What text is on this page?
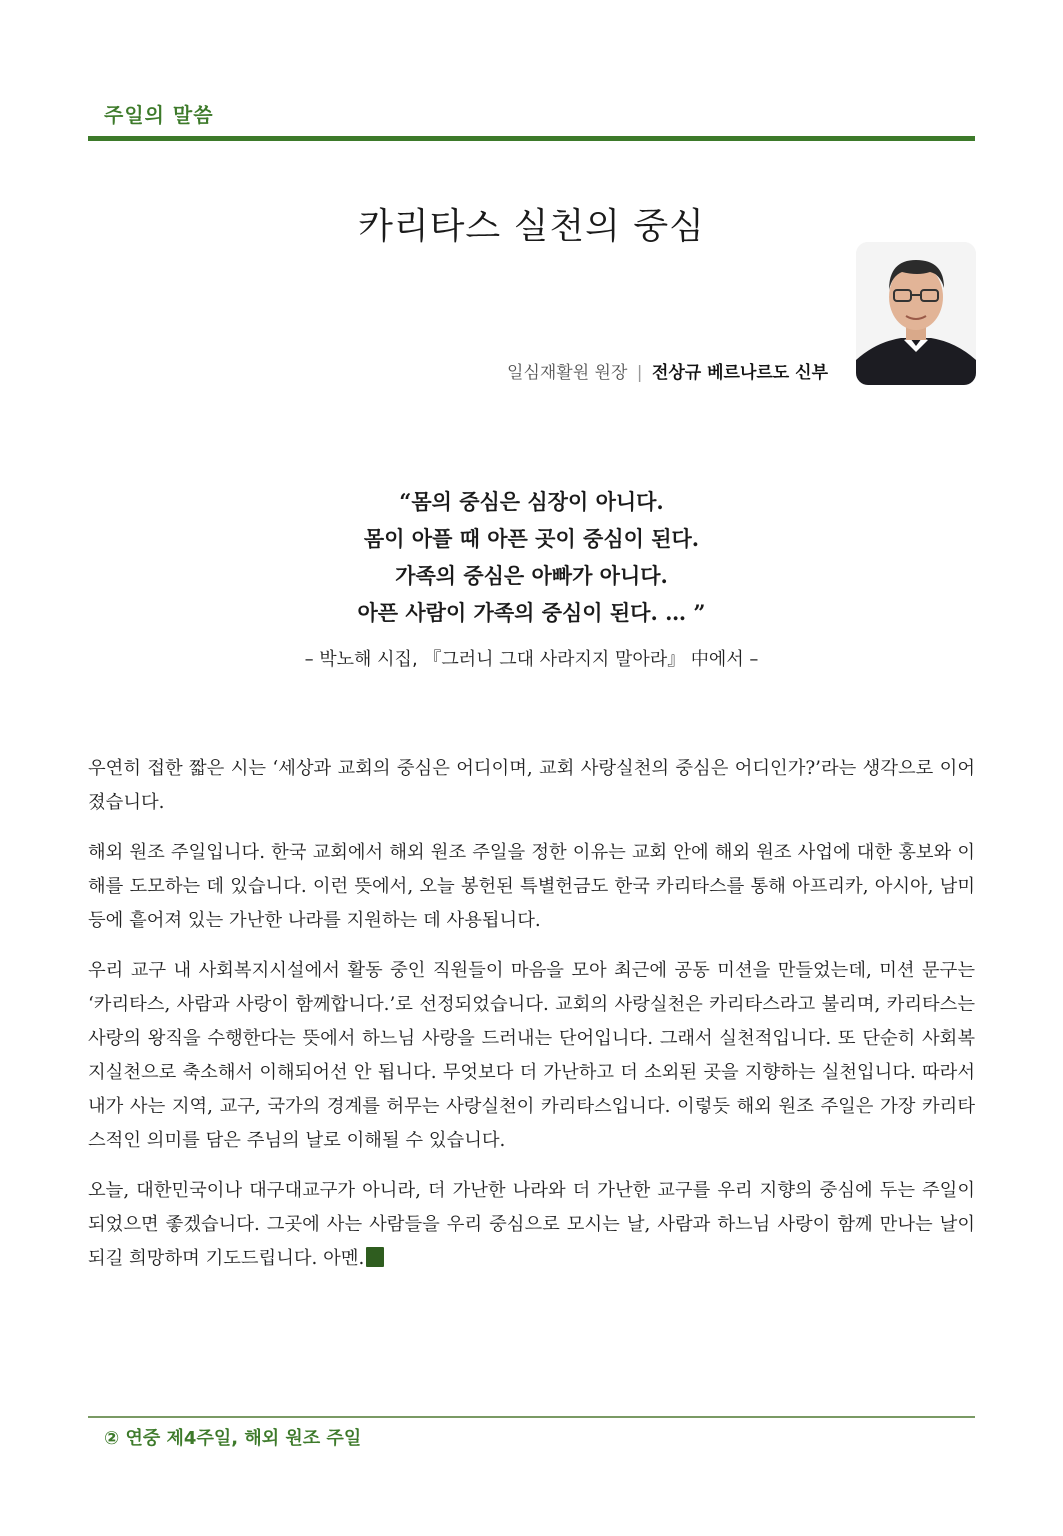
주일의 말씀
카리타스 실천의 중심
일심재활원 원장 | 전상규 베르나르도 신부
“몸의 중심은 심장이 아니다.
몸이 아플 때 아픈 곳이 중심이 된다.
가족의 중심은 아빠가 아니다.
아픈 사람이 가족의 중심이 된다. … ”
– 박노해 시집, 『그러니 그대 사라지지 말아라』 中에서 –

우연히 접한 짧은 시는 ‘세상과 교회의 중심은 어디이며, 교회 사랑실천의 중심은 어디인가?’라는 생각으로 이어졌습니다.

해외 원조 주일입니다. 한국 교회에서 해외 원조 주일을 정한 이유는 교회 안에 해외 원조 사업에 대한 홍보와 이해를 도모하는 데 있습니다. 이런 뜻에서, 오늘 봉헌된 특별헌금도 한국 카리타스를 통해 아프리카, 아시아, 남미 등에 흩어져 있는 가난한 나라를 지원하는 데 사용됩니다.

우리 교구 내 사회복지시설에서 활동 중인 직원들이 마음을 모아 최근에 공동 미션을 만들었는데, 미션 문구는 ‘카리타스, 사람과 사랑이 함께합니다.’로 선정되었습니다. 교회의 사랑실천은 카리타스라고 불리며, 카리타스는 사랑의 왕직을 수행한다는 뜻에서 하느님 사랑을 드러내는 단어입니다. 그래서 실천적입니다. 또 단순히 사회복지실천으로 축소해서 이해되어선 안 됩니다. 무엇보다 더 가난하고 더 소외된 곳을 지향하는 실천입니다. 따라서 내가 사는 지역, 교구, 국가의 경계를 허무는 사랑실천이 카리타스입니다. 이렇듯 해외 원조 주일은 가장 카리타스적인 의미를 담은 주님의 날로 이해될 수 있습니다.

오늘, 대한민국이나 대구대교구가 아니라, 더 가난한 나라와 더 가난한 교구를 우리 지향의 중심에 두는 주일이 되었으면 좋겠습니다. 그곳에 사는 사람들을 우리 중심으로 모시는 날, 사람과 하느님 사랑이 함께 만나는 날이 되길 희망하며 기도드립니다. 아멘.

② 연중 제4주일, 해외 원조 주일
